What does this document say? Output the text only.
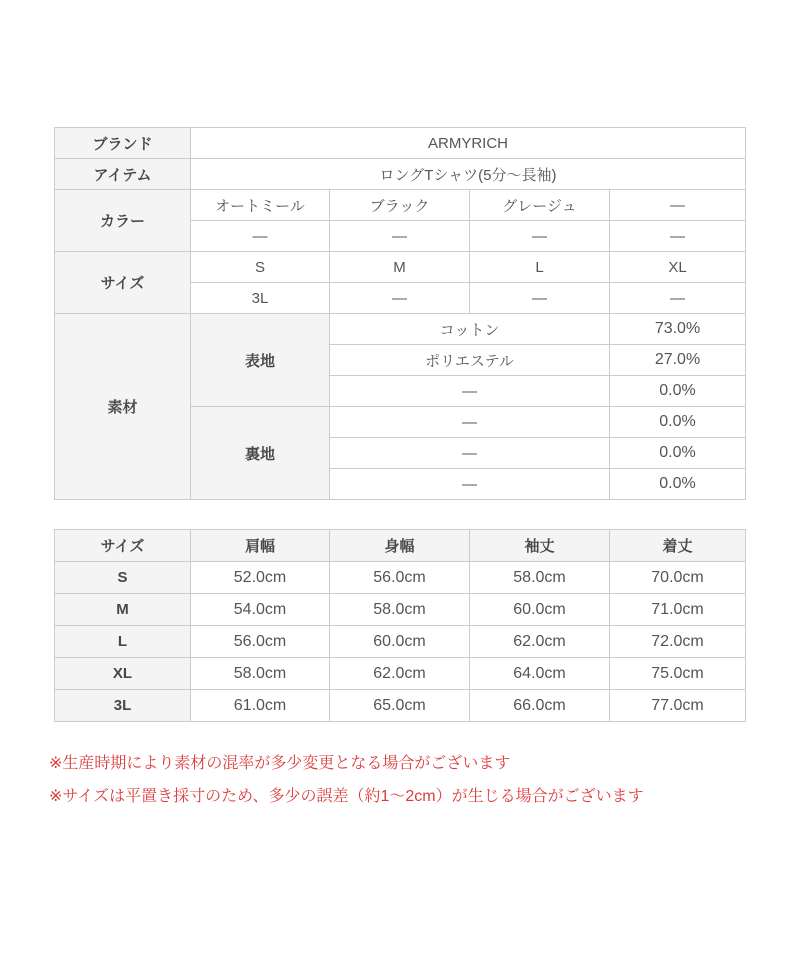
ブランド	ARMYRICH			
アイテム	ロングTシャツ(5分～長袖)			
カラー	オートミール	ブラック	グレージュ	—
	—	—	—	—
サイズ	S	M	L	XL
	3L	—	—	—
素材	表地	コットン		73.0%
		ポリエステル		27.0%
		—		0.0%
	裏地	—		0.0%
		—		0.0%
		—		0.0%
サイズ	肩幅	身幅	袖丈	着丈
S	52.0cm	56.0cm	58.0cm	70.0cm
M	54.0cm	58.0cm	60.0cm	71.0cm
L	56.0cm	60.0cm	62.0cm	72.0cm
XL	58.0cm	62.0cm	64.0cm	75.0cm
3L	61.0cm	65.0cm	66.0cm	77.0cm

※生産時期により素材の混率が多少変更となる場合がございます

※サイズは平置き採寸のため、多少の誤差（約1～2cm）が生じる場合がございます
